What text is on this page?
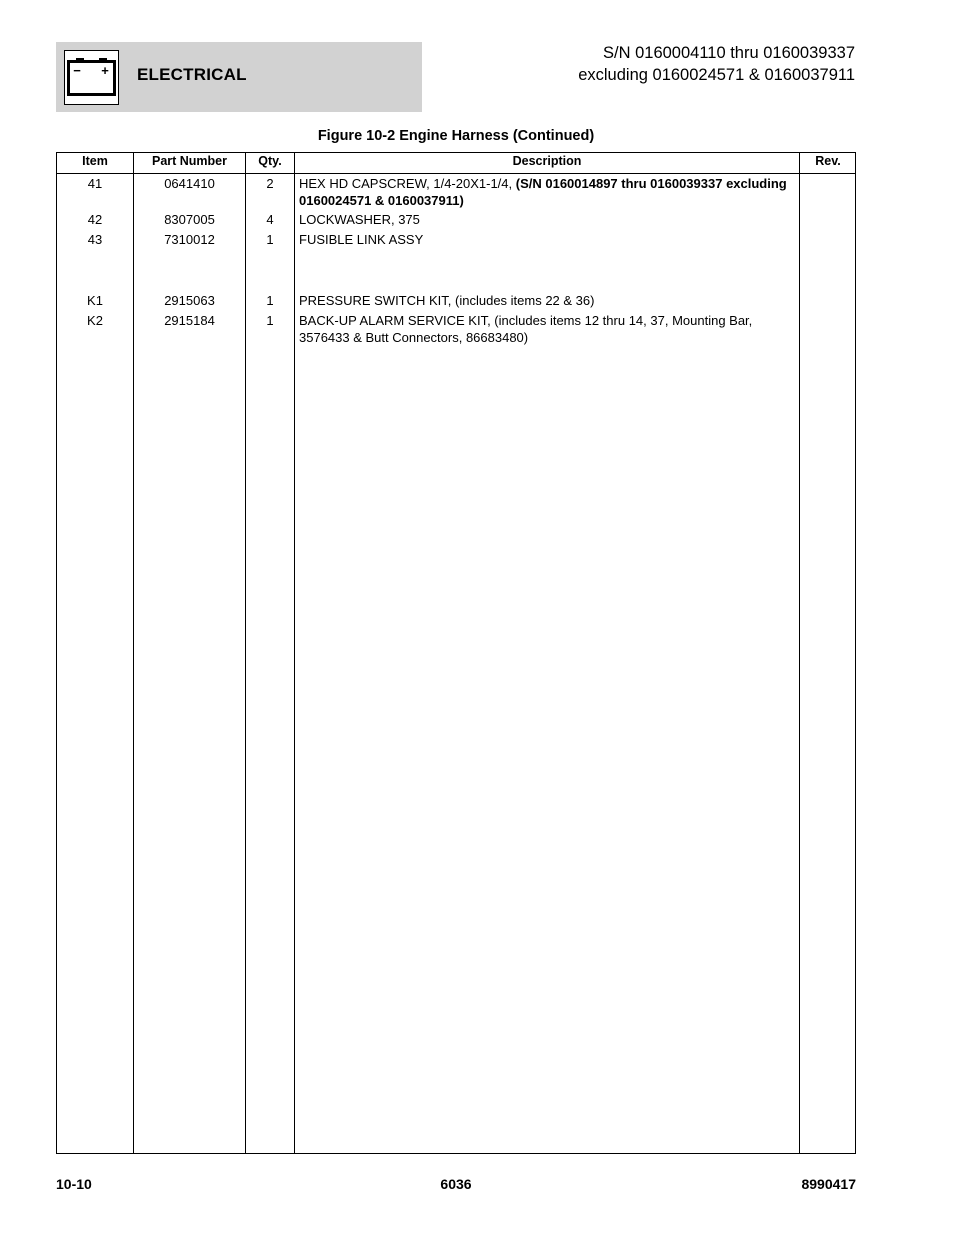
− + ELECTRICAL
S/N 0160004110 thru 0160039337
excluding 0160024571 & 0160037911
Figure 10-2 Engine Harness (Continued)
Item	Part Number	Qty.	Description	Rev.
41	0641410	2	HEX HD CAPSCREW, 1/4-20X1-1/4, (S/N 0160014897 thru 0160039337 excluding 0160024571 & 0160037911)
42	8307005	4	LOCKWASHER, 375
43	7310012	1	FUSIBLE LINK ASSY
K1	2915063	1	PRESSURE SWITCH KIT, (includes items 22 & 36)
K2	2915184	1	BACK-UP ALARM SERVICE KIT, (includes items 12 thru 14, 37, Mounting Bar, 3576433 & Butt Connectors, 86683480)
10-10	6036	8990417
